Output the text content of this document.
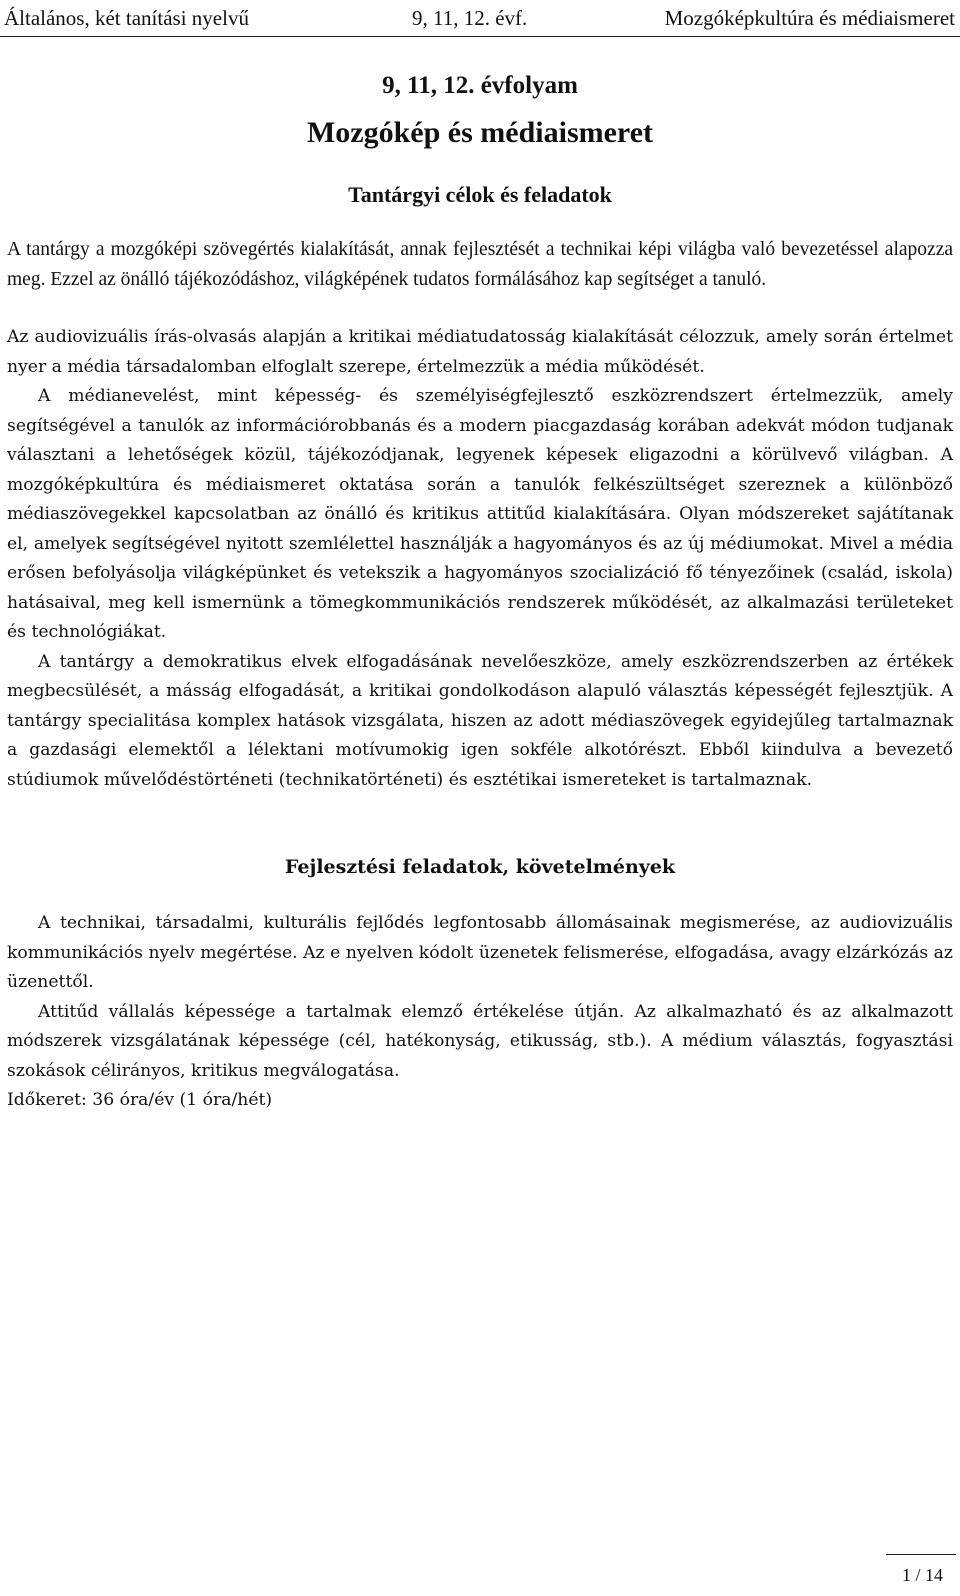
Általános, két tanítási nyelvű	9, 11, 12. évf.	Mozgóképkultúra és médiaismeret
9, 11, 12. évfolyam
Mozgókép és médiaismeret
Tantárgyi célok és feladatok

A tantárgy a mozgóképi szövegértés kialakítását, annak fejlesztését a technikai képi világba való bevezetéssel alapozza meg. Ezzel az önálló tájékozódáshoz, világképének tudatos formálásához kap segítséget a tanuló.

Az audiovizuális írás-olvasás alapján a kritikai médiatudatosság kialakítását célozzuk, amely során értelmet nyer a média társadalomban elfoglalt szerepe, értelmezzük a média működését.

A médianevelést, mint képesség- és személyiségfejlesztő eszközrendszert értelmezzük, amely segítségével a tanulók az információrobbanás és a modern piacgazdaság korában adekvát módon tudjanak választani a lehetőségek közül, tájékozódjanak, legyenek képesek eligazodni a körülvevő világban. A mozgóképkultúra és médiaismeret oktatása során a tanulók felkészültséget szereznek a különböző médiaszövegekkel kapcsolatban az önálló és kritikus attitűd kialakítására. Olyan módszereket sajátítanak el, amelyek segítségével nyitott szemlélettel használják a hagyományos és az új médiumokat. Mivel a média erősen befolyásolja világképünket és vetekszik a hagyományos szocializáció fő tényezőinek (család, iskola) hatásaival, meg kell ismernünk a tömegkommunikációs rendszerek működését, az alkalmazási területeket és technológiákat.

A tantárgy a demokratikus elvek elfogadásának nevelőeszköze, amely eszközrendszerben az értékek megbecsülését, a másság elfogadását, a kritikai gondolkodáson alapuló választás képességét fejlesztjük. A tantárgy specialitása komplex hatások vizsgálata, hiszen az adott médiaszövegek egyidejűleg tartalmaznak a gazdasági elemektől a lélektani motívumokig igen sokféle alkotórészt. Ebből kiindulva a bevezető stúdiumok művelődéstörténeti (technikatörténeti) és esztétikai ismereteket is tartalmaznak.

Fejlesztési feladatok, követelmények

A technikai, társadalmi, kulturális fejlődés legfontosabb állomásainak megismerése, az audiovizuális kommunikációs nyelv megértése. Az e nyelven kódolt üzenetek felismerése, elfogadása, avagy elzárkózás az üzenettől.

Attitűd vállalás képessége a tartalmak elemző értékelése útján. Az alkalmazható és az alkalmazott módszerek vizsgálatának képessége (cél, hatékonyság, etikusság, stb.). A médium választás, fogyasztási szokások célirányos, kritikus megválogatása.

Időkeret: 36 óra/év (1 óra/hét)

1 / 14
